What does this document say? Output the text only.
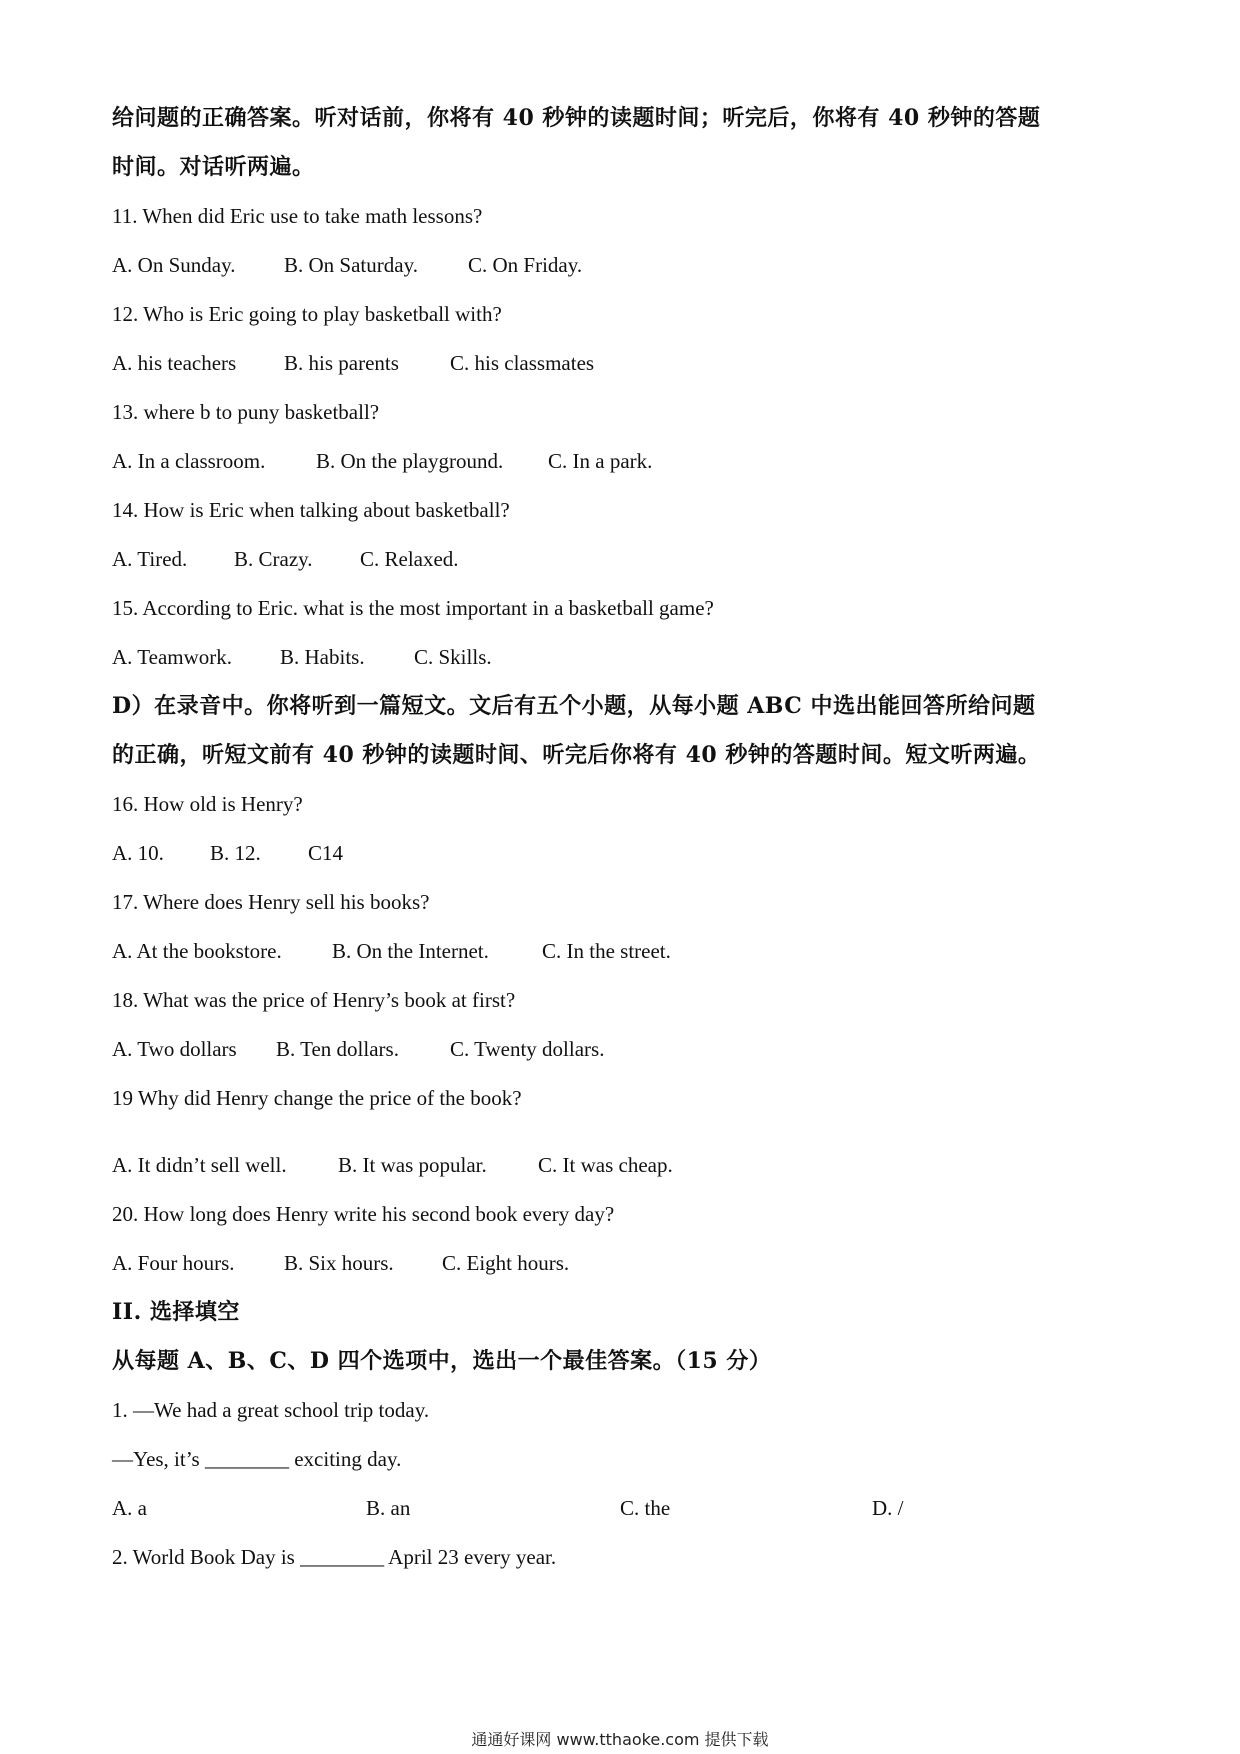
给问题的正确答案。听对话前，你将有 40 秒钟的读题时间；听完后，你将有 40 秒钟的答题
时间。对话听两遍。
11. When did Eric use to take math lessons?
A. On Sunday. B. On Saturday. C. On Friday.
12. Who is Eric going to play basketball with?
A. his teachers B. his parents C. his classmates
13. where b to puny basketball?
A. In a classroom. B. On the playground. C. In a park.
14. How is Eric when talking about basketball?
A. Tired. B. Crazy. C. Relaxed.
15. According to Eric. what is the most important in a basketball game?
A. Teamwork. B. Habits. C. Skills.
D）在录音中。你将听到一篇短文。文后有五个小题，从每小题 ABC 中选出能回答所给问题
的正确，听短文前有 40 秒钟的读题时间、听完后你将有 40 秒钟的答题时间。短文听两遍。
16. How old is Henry?
A. 10. B. 12. C14
17. Where does Henry sell his books?
A. At the bookstore. B. On the Internet.	C. In the street.
18. What was the price of Henry’s book at first?
A. Two dollars B. Ten dollars. C. Twenty dollars.
19 Why did Henry change the price of the book?
A. It didn’t sell well. B. It was popular. C. It was cheap.
20. How long does Henry write his second book every day?
A. Four hours. B. Six hours. C. Eight hours.
II. 选择填空
从每题 A、B、C、D 四个选项中，选出一个最佳答案。（15 分）
1. —We had a great school trip today.
—Yes, it’s ________ exciting day.
A. a	B. an	C. the	D. /
2. World Book Day is ________ April 23 every year.
通通好课网 www.tthaoke.com 提供下载
